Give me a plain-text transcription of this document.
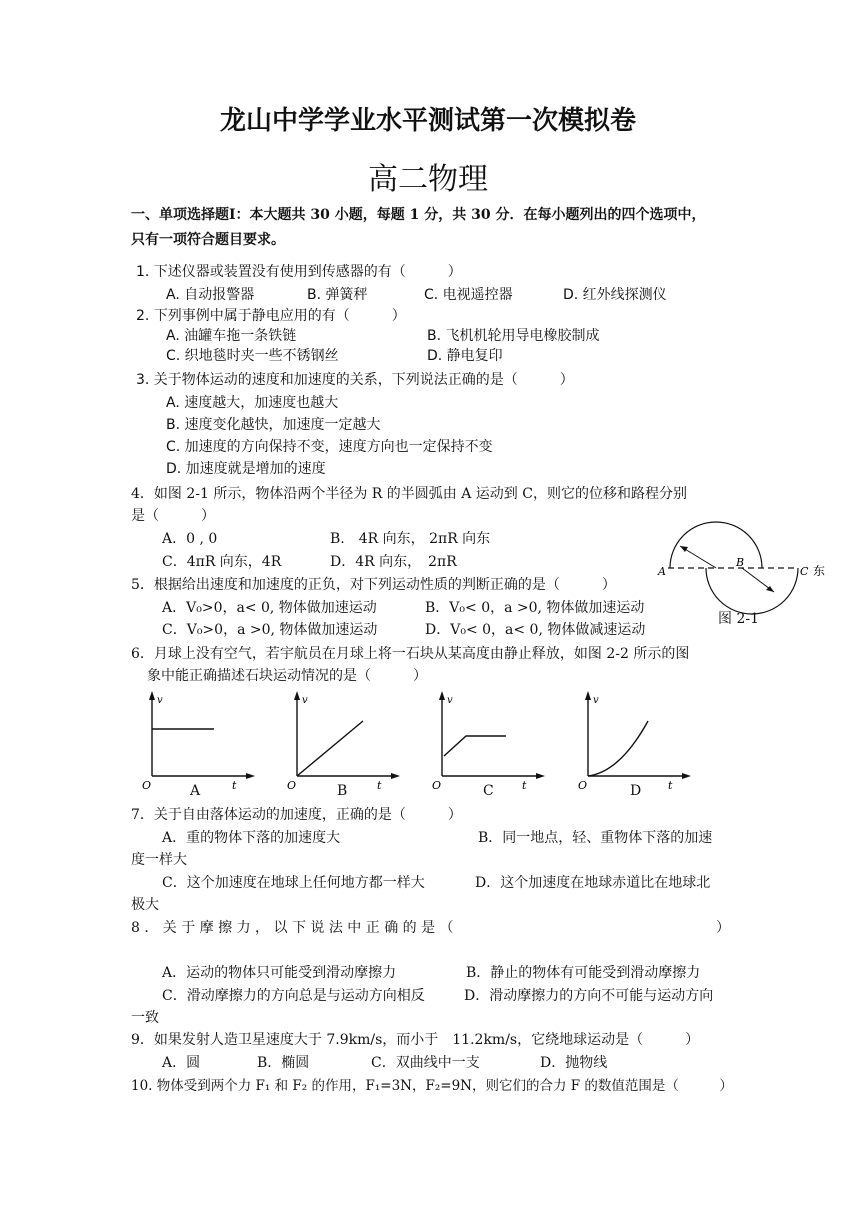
龙山中学学业水平测试第一次模拟卷
高二物理
一、单项选择题Ⅰ：本大题共 30 小题，每题 1 分，共 30 分．在每小题列出的四个选项中，
只有一项符合题目要求。
1. 下述仪器或装置没有使用到传感器的有（　　　）
A. 自动报警器	B. 弹簧秤	C. 电视遥控器	D. 红外线探测仪
2. 下列事例中属于静电应用的有（　　　）
A. 油罐车拖一条铁链	B. 飞机机轮用导电橡胶制成
C. 织地毯时夹一些不锈钢丝	D. 静电复印
3. 关于物体运动的速度和加速度的关系，下列说法正确的是（　　　）
A. 速度越大，加速度也越大
B. 速度变化越快，加速度一定越大
C. 加速度的方向保持不变，速度方向也一定保持不变
D. 加速度就是增加的速度
4．如图 2-1 所示，物体沿两个半径为 R 的半圆弧由 A 运动到 C，则它的位移和路程分别
是（　　　）
A．0 , 0	B.　4R 向东， 2πR 向东
C．4πR 向东，4R	D．4R 向东，　2πR
A
B
C 东
图 2-1
5．根据给出速度和加速度的正负，对下列运动性质的判断正确的是（　　　）
A．V₀>0，a< 0, 物体做加速运动	B．V₀< 0，a >0, 物体做加速运动
C．V₀>0，a >0, 物体做加速运动	D．V₀< 0，a< 0, 物体做减速运动
6．月球上没有空气，若宇航员在月球上将一石块从某高度由静止释放，如图 2-2 所示的图
象中能正确描述石块运动情况的是（　　　）
v
O	t
v
O	t
v
O	t
v
O	t
A	B	C	D
7．关于自由落体运动的加速度，正确的是（　　　）
A．重的物体下落的加速度大	B．同一地点，轻、重物体下落的加速
度一样大
C．这个加速度在地球上任何地方都一样大	D．这个加速度在地球赤道比在地球北
极大
8 ． 关 于 摩 擦 力 ， 以 下 说 法 中 正 确 的 是 （	）
A．运动的物体只可能受到滑动摩擦力	B．静止的物体有可能受到滑动摩擦力
C．滑动摩擦力的方向总是与运动方向相反	D．滑动摩擦力的方向不可能与运动方向
一致
9．如果发射人造卫星速度大于 7.9km/s，而小于　11.2km/s，它绕地球运动是（　　　）
A．圆	B．椭圆	C．双曲线中一支	D．抛物线
10. 物体受到两个力 F₁ 和 F₂ 的作用，F₁=3N，F₂=9N，则它们的合力 F 的数值范围是（　　　）
